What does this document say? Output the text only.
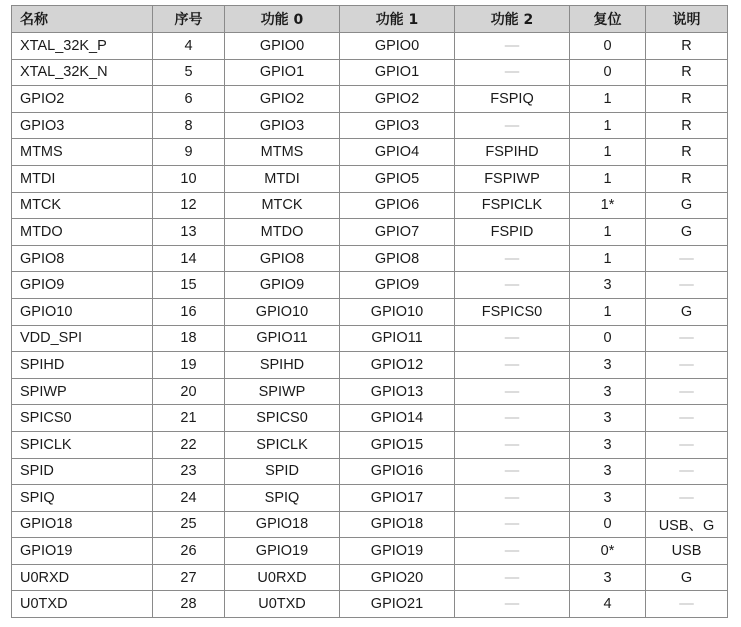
名称	序号	功能 0	功能 1	功能 2	复位	说明
XTAL_32K_P	4	GPIO0	GPIO0	—	0	R
XTAL_32K_N	5	GPIO1	GPIO1	—	0	R
GPIO2	6	GPIO2	GPIO2	FSPIQ	1	R
GPIO3	8	GPIO3	GPIO3	—	1	R
MTMS	9	MTMS	GPIO4	FSPIHD	1	R
MTDI	10	MTDI	GPIO5	FSPIWP	1	R
MTCK	12	MTCK	GPIO6	FSPICLK	1*	G
MTDO	13	MTDO	GPIO7	FSPID	1	G
GPIO8	14	GPIO8	GPIO8	—	1	—
GPIO9	15	GPIO9	GPIO9	—	3	—
GPIO10	16	GPIO10	GPIO10	FSPICS0	1	G
VDD_SPI	18	GPIO11	GPIO11	—	0	—
SPIHD	19	SPIHD	GPIO12	—	3	—
SPIWP	20	SPIWP	GPIO13	—	3	—
SPICS0	21	SPICS0	GPIO14	—	3	—
SPICLK	22	SPICLK	GPIO15	—	3	—
SPID	23	SPID	GPIO16	—	3	—
SPIQ	24	SPIQ	GPIO17	—	3	—
GPIO18	25	GPIO18	GPIO18	—	0	USB、G
GPIO19	26	GPIO19	GPIO19	—	0*	USB
U0RXD	27	U0RXD	GPIO20	—	3	G
U0TXD	28	U0TXD	GPIO21	—	4	—
